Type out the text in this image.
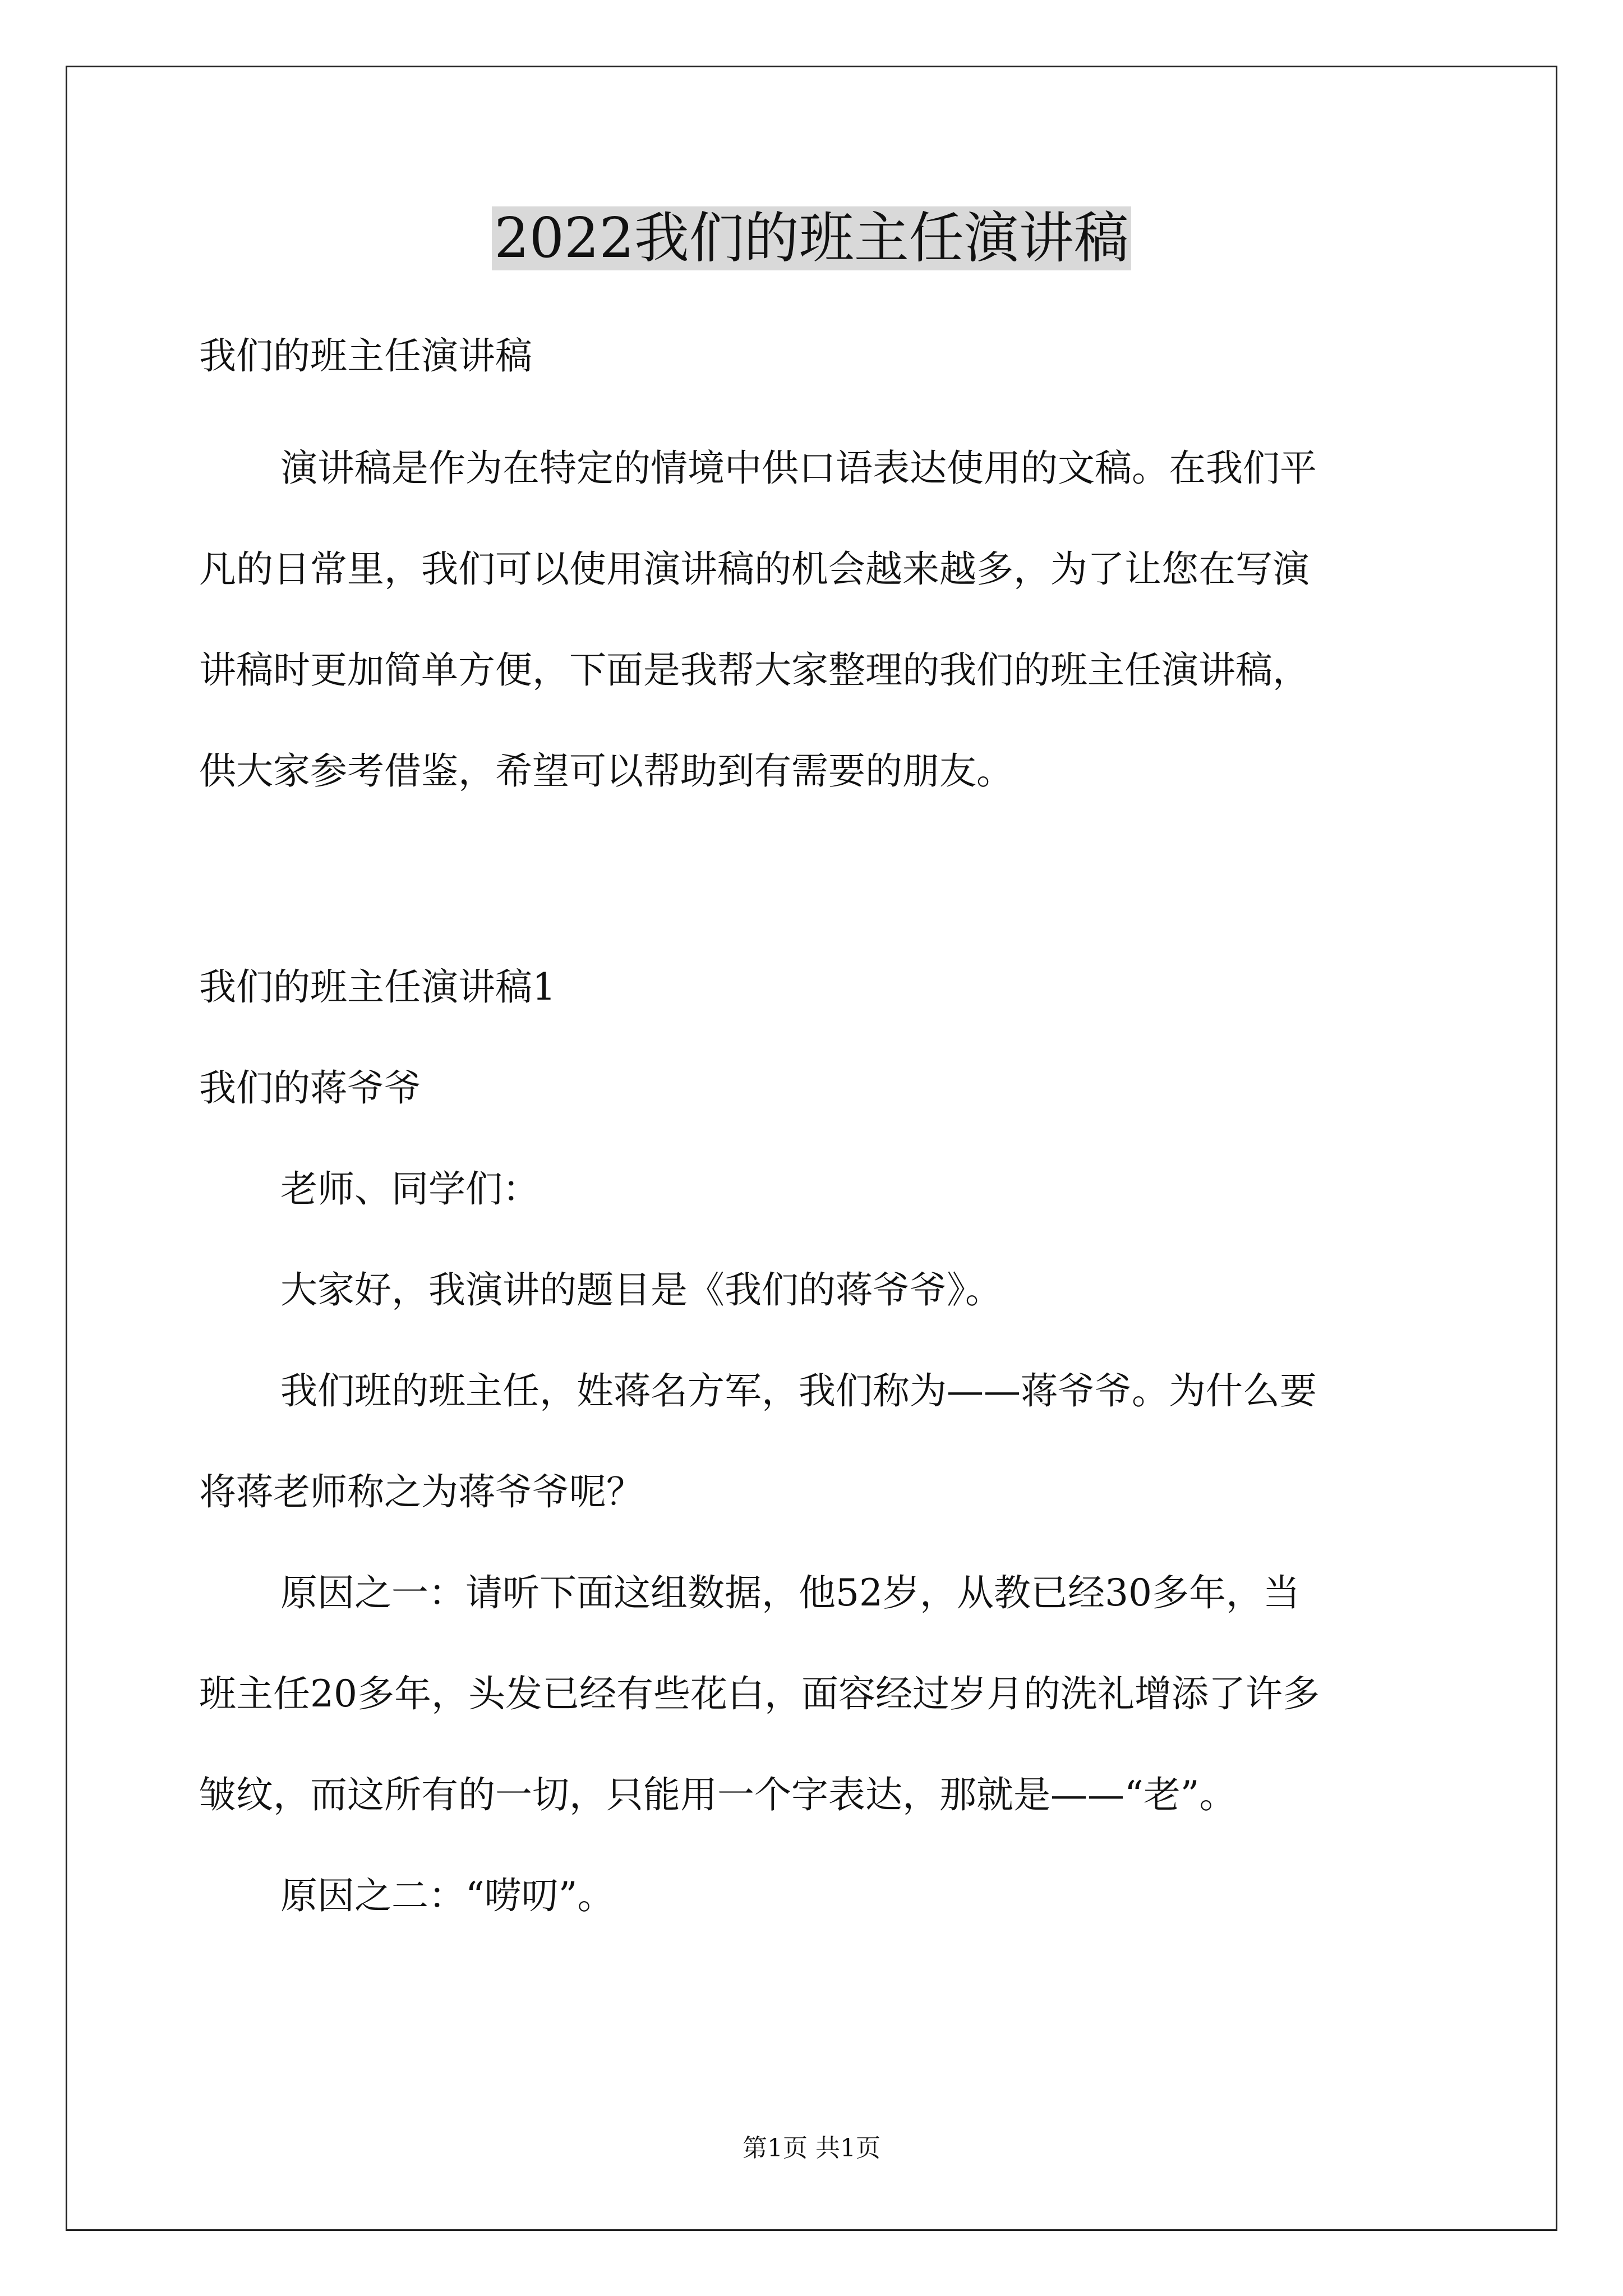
2022我们的班主任演讲稿
我们的班主任演讲稿
演讲稿是作为在特定的情境中供口语表达使用的文稿。在我们平
凡的日常里，我们可以使用演讲稿的机会越来越多，为了让您在写演
讲稿时更加简单方便，下面是我帮大家整理的我们的班主任演讲稿，
供大家参考借鉴，希望可以帮助到有需要的朋友。
我们的班主任演讲稿1
我们的蒋爷爷
老师、同学们：
大家好，我演讲的题目是《我们的蒋爷爷》。
我们班的班主任，姓蒋名方军，我们称为——蒋爷爷。为什么要
将蒋老师称之为蒋爷爷呢？
原因之一：请听下面这组数据，他52岁，从教已经30多年，当
班主任20多年，头发已经有些花白，面容经过岁月的洗礼增添了许多
皱纹，而这所有的一切，只能用一个字表达，那就是——“老”。
原因之二：“唠叨”。
第1页 共1页
